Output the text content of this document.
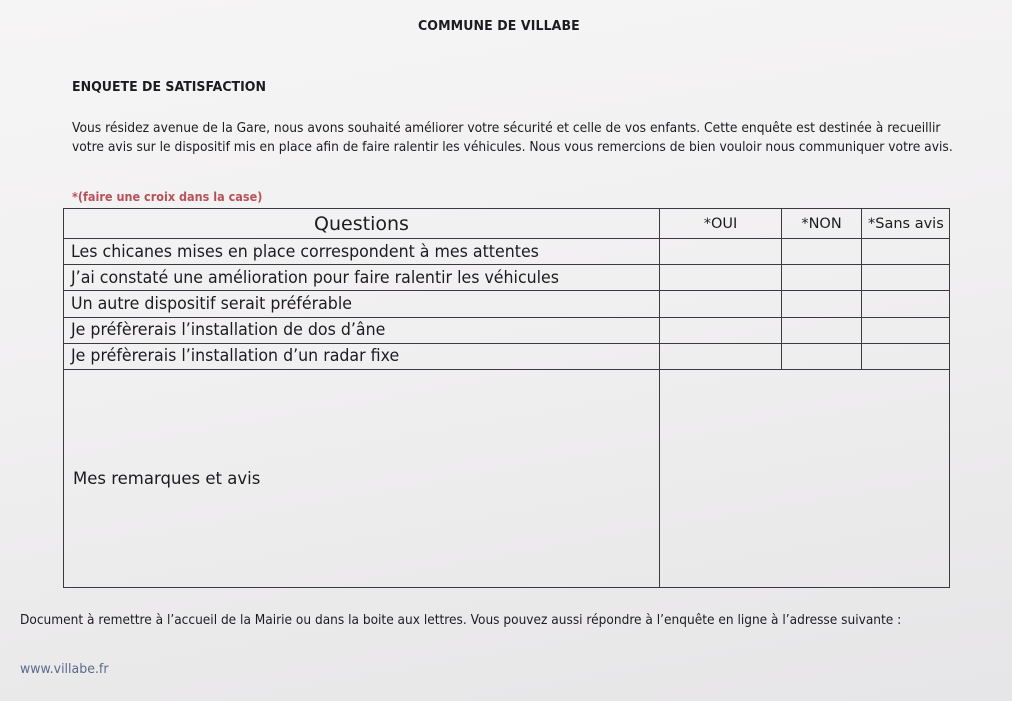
COMMUNE DE VILLABE
ENQUETE DE SATISFACTION
Vous résidez avenue de la Gare, nous avons souhaité améliorer votre sécurité et celle de vos enfants. Cette enquête est destinée à recueillir
votre avis sur le dispositif mis en place afin de faire ralentir les véhicules. Nous vous remercions de bien vouloir nous communiquer votre avis.
*(faire une croix dans la case)
Questions	*OUI	*NON	*Sans avis
Les chicanes mises en place correspondent à mes attentes			
J’ai constaté une amélioration pour faire ralentir les véhicules			
Un autre dispositif serait préférable			
Je préfèrerais l’installation de dos d’âne			
Je préfèrerais l’installation d’un radar fixe			
Mes remarques et avis			
Document à remettre à l’accueil de la Mairie ou dans la boite aux lettres. Vous pouvez aussi répondre à l’enquête en ligne à l’adresse suivante :
www.villabe.fr
